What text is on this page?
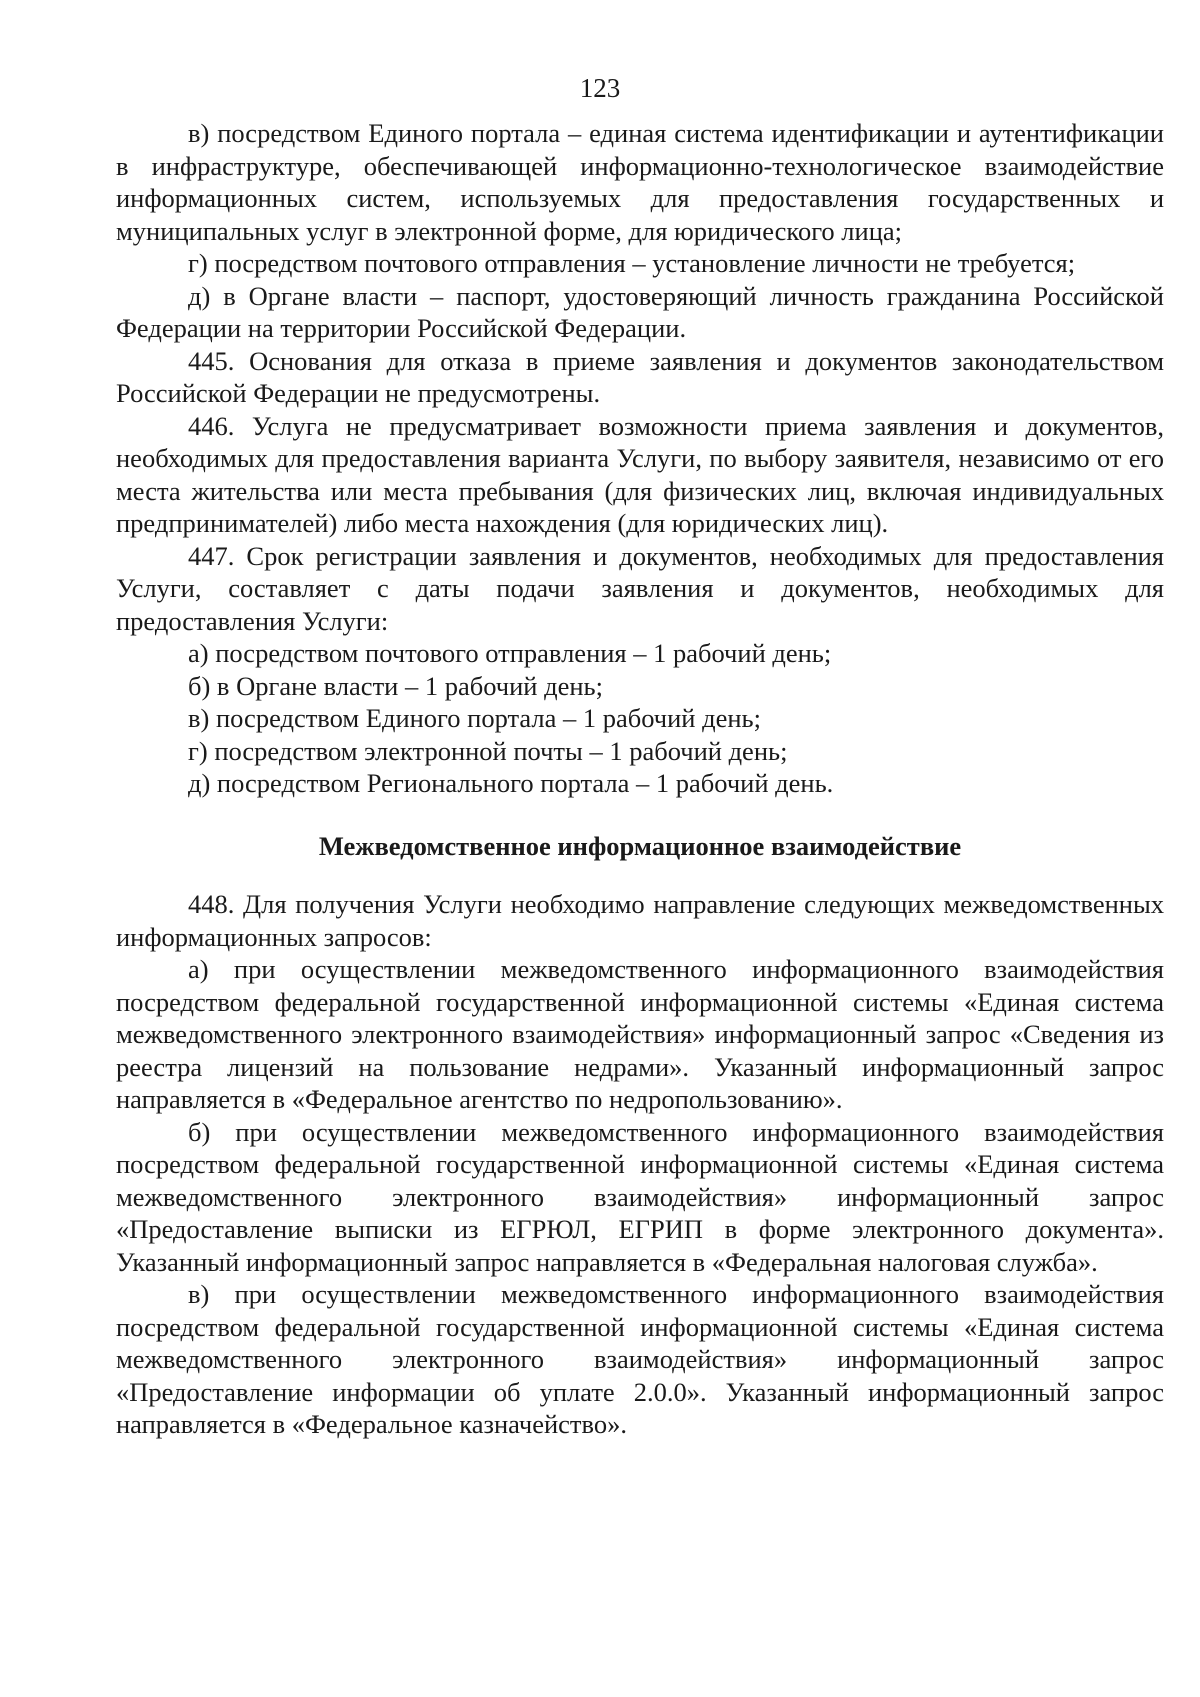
123

в) посредством Единого портала – единая система идентификации и аутентификации в инфраструктуре, обеспечивающей информационно-технологическое взаимодействие информационных систем, используемых для предоставления государственных и муниципальных услуг в электронной форме, для юридического лица;

г) посредством почтового отправления – установление личности не требуется;

д) в Органе власти – паспорт, удостоверяющий личность гражданина Российской Федерации на территории Российской Федерации.

445. Основания для отказа в приеме заявления и документов законодательством Российской Федерации не предусмотрены.

446. Услуга не предусматривает возможности приема заявления и документов, необходимых для предоставления варианта Услуги, по выбору заявителя, независимо от его места жительства или места пребывания (для физических лиц, включая индивидуальных предпринимателей) либо места нахождения (для юридических лиц).

447. Срок регистрации заявления и документов, необходимых для предоставления Услуги, составляет с даты подачи заявления и документов, необходимых для предоставления Услуги:

а) посредством почтового отправления – 1 рабочий день;

б) в Органе власти – 1 рабочий день;

в) посредством Единого портала – 1 рабочий день;

г) посредством электронной почты – 1 рабочий день;

д) посредством Регионального портала – 1 рабочий день.

Межведомственное информационное взаимодействие

448. Для получения Услуги необходимо направление следующих межведомственных информационных запросов:

а) при осуществлении межведомственного информационного взаимодействия посредством федеральной государственной информационной системы «Единая система межведомственного электронного взаимодействия» информационный запрос «Сведения из реестра лицензий на пользование недрами». Указанный информационный запрос направляется в «Федеральное агентство по недропользованию».

б) при осуществлении межведомственного информационного взаимодействия посредством федеральной государственной информационной системы «Единая система межведомственного электронного взаимодействия» информационный запрос «Предоставление выписки из ЕГРЮЛ, ЕГРИП в форме электронного документа». Указанный информационный запрос направляется в «Федеральная налоговая служба».

в) при осуществлении межведомственного информационного взаимодействия посредством федеральной государственной информационной системы «Единая система межведомственного электронного взаимодействия» информационный запрос «Предоставление информации об уплате 2.0.0». Указанный информационный запрос направляется в «Федеральное казначейство».
